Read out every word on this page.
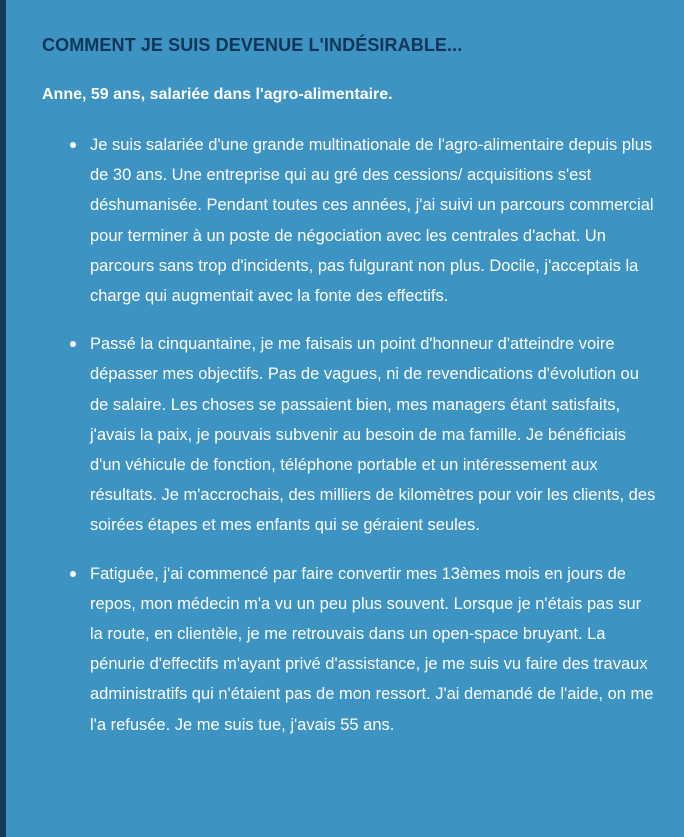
COMMENT JE SUIS DEVENUE L'INDÉSIRABLE...

Anne, 59 ans, salariée dans l'agro-alimentaire.

Je suis salariée d'une grande multinationale de l'agro-alimentaire depuis plus de 30 ans. Une entreprise qui au gré des cessions/ acquisitions s'est déshumanisée. Pendant toutes ces années, j'ai suivi un parcours commercial pour terminer à un poste de négociation avec les centrales d'achat. Un parcours sans trop d'incidents, pas fulgurant non plus. Docile, j'acceptais la charge qui augmentait avec la fonte des effectifs.
Passé la cinquantaine, je me faisais un point d'honneur d'atteindre voire dépasser mes objectifs. Pas de vagues, ni de revendications d'évolution ou de salaire. Les choses se passaient bien, mes managers étant satisfaits, j'avais la paix, je pouvais subvenir au besoin de ma famille. Je bénéficiais d'un véhicule de fonction, téléphone portable et un intéressement aux résultats. Je m'accrochais, des milliers de kilomètres pour voir les clients, des soirées étapes et mes enfants qui se géraient seules.
Fatiguée, j'ai commencé par faire convertir mes 13èmes mois en jours de repos, mon médecin m'a vu un peu plus souvent. Lorsque je n'étais pas sur la route, en clientèle, je me retrouvais dans un open-space bruyant. La pénurie d'effectifs m'ayant privé d'assistance, je me suis vu faire des travaux administratifs qui n'étaient pas de mon ressort. J'ai demandé de l'aide, on me l'a refusée. Je me suis tue, j'avais 55 ans.
